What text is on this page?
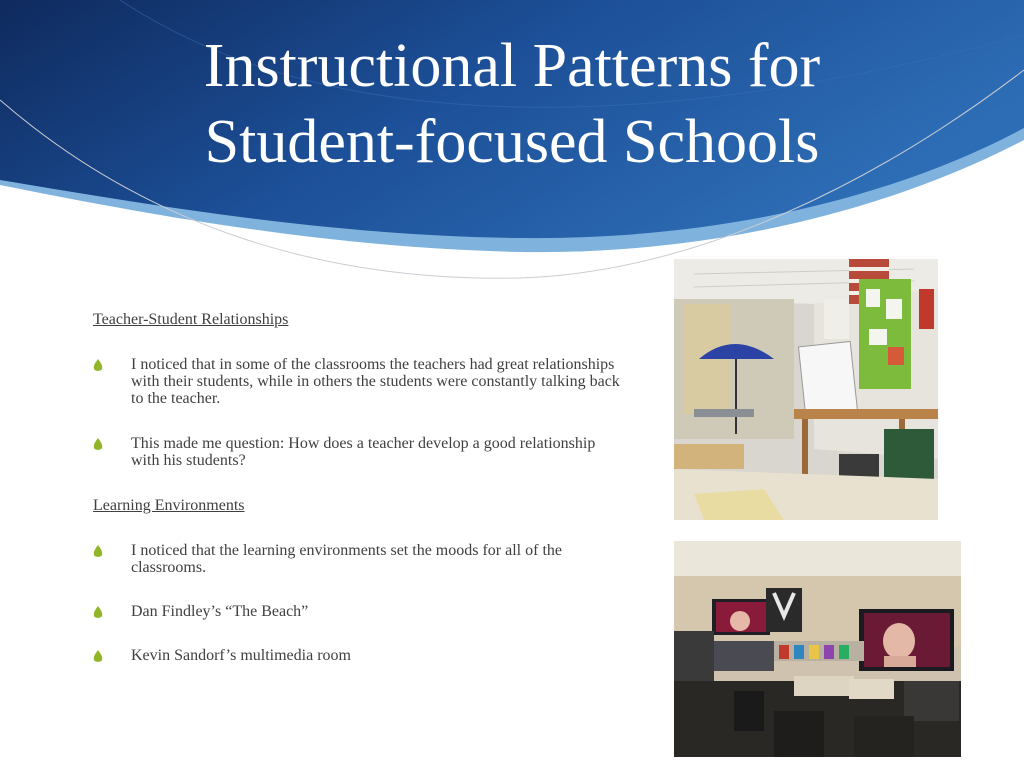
Instructional Patterns for
Student-focused Schools

Teacher-Student Relationships

I noticed that in some of the classrooms the teachers had great relationships with their students, while in others the students were constantly talking back to the teacher.

This made me question: How does a teacher develop a good relationship with his students?

Learning Environments

I noticed that the learning environments set the moods for all of the classrooms.

Dan Findley’s “The Beach”

Kevin Sandorf’s multimedia room
